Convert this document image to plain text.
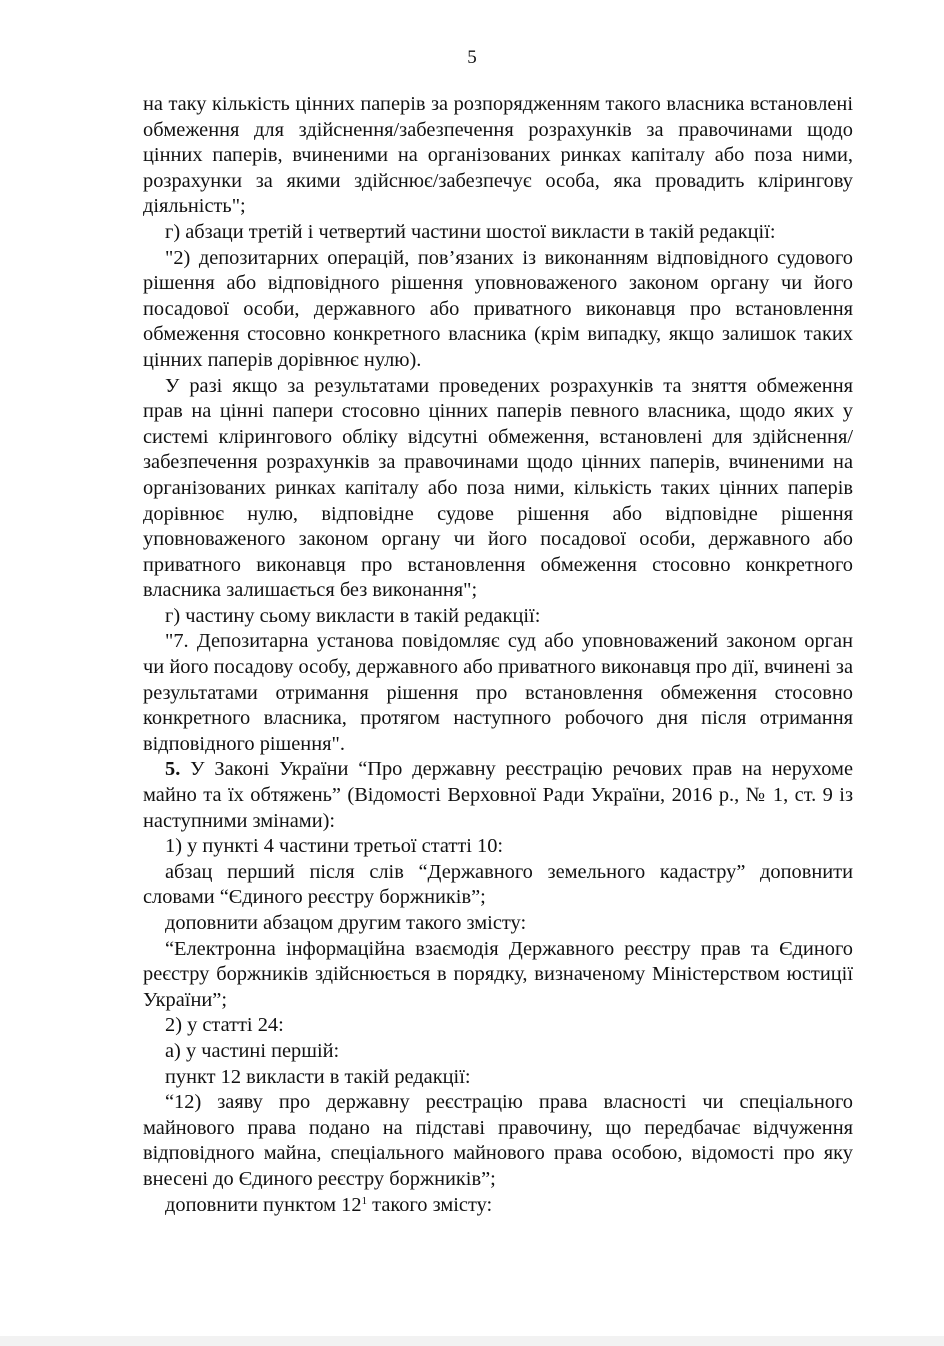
5

на таку кількість цінних паперів за розпорядженням такого власника встановлені обмеження для здійснення/забезпечення розрахунків за правочинами щодо цінних паперів, вчиненими на організованих ринках капіталу або поза ними, розрахунки за якими здійснює/забезпечує особа, яка провадить клірингову діяльність";

г) абзаци третій і четвертий частини шостої викласти в такій редакції:

"2) депозитарних операцій, пов’язаних із виконанням відповідного судового рішення або відповідного рішення уповноваженого законом органу чи його посадової особи, державного або приватного виконавця про встановлення обмеження стосовно конкретного власника (крім випадку, якщо залишок таких цінних паперів дорівнює нулю).

У разі якщо за результатами проведених розрахунків та зняття обмеження прав на цінні папери стосовно цінних паперів певного власника, щодо яких у системі клірингового обліку відсутні обмеження, встановлені для здійснення/забезпечення розрахунків за правочинами щодо цінних паперів, вчиненими на організованих ринках капіталу або поза ними, кількість таких цінних паперів дорівнює нулю, відповідне судове рішення або відповідне рішення уповноваженого законом органу чи його посадової особи, державного або приватного виконавця про встановлення обмеження стосовно конкретного власника залишається без виконання";

г) частину сьому викласти в такій редакції:

"7. Депозитарна установа повідомляє суд або уповноважений законом орган чи його посадову особу, державного або приватного виконавця про дії, вчинені за результатами отримання рішення про встановлення обмеження стосовно конкретного власника, протягом наступного робочого дня після отримання відповідного рішення".

5. У Законі України “Про державну реєстрацію речових прав на нерухоме майно та їх обтяжень” (Відомості Верховної Ради України, 2016 р., № 1, ст. 9 із наступними змінами):

1) у пункті 4 частини третьої статті 10:

абзац перший після слів “Державного земельного кадастру” доповнити словами “Єдиного реєстру боржників”;

доповнити абзацом другим такого змісту:

“Електронна інформаційна взаємодія Державного реєстру прав та Єдиного реєстру боржників здійснюється в порядку, визначеному Міністерством юстиції України”;

2) у статті 24:

а) у частині першій:

пункт 12 викласти в такій редакції:

“12) заяву про державну реєстрацію права власності чи спеціального майнового права подано на підставі правочину, що передбачає відчуження відповідного майна, спеціального майнового права особою, відомості про яку внесені до Єдиного реєстру боржників”;

доповнити пунктом $12^1$ такого змісту:
